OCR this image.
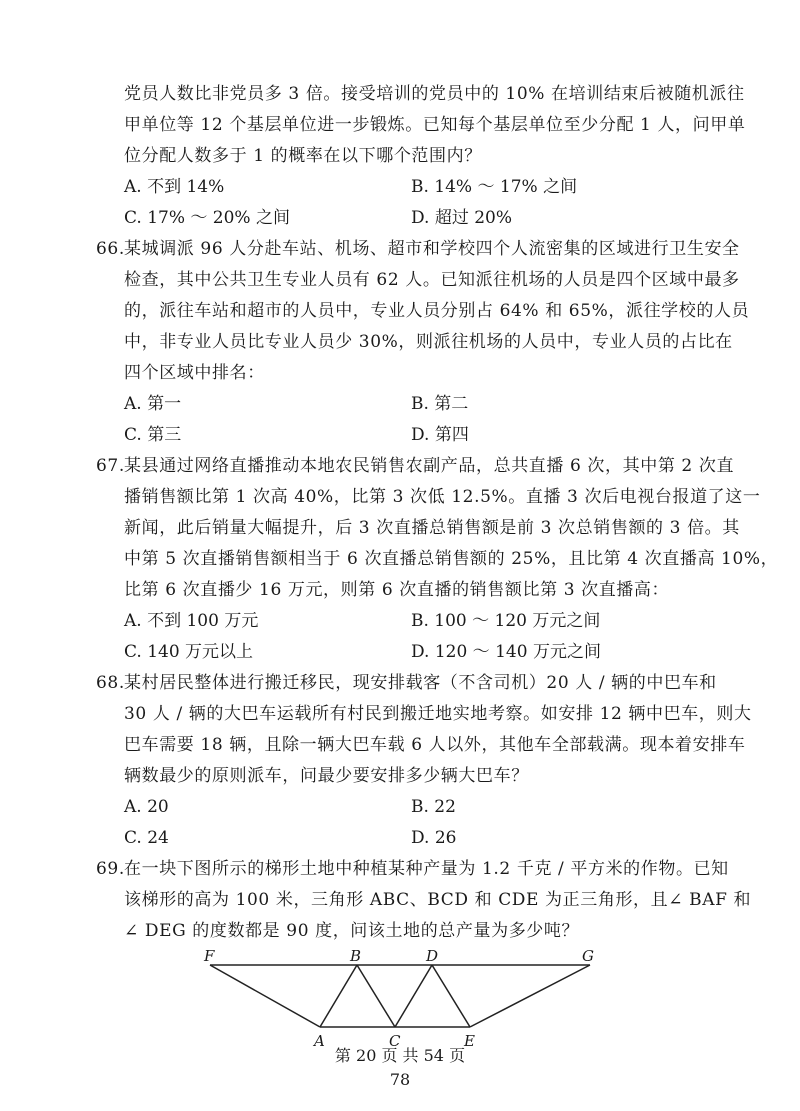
党员人数比非党员多 3 倍。接受培训的党员中的 10% 在培训结束后被随机派往
甲单位等 12 个基层单位进一步锻炼。已知每个基层单位至少分配 1 人，问甲单
位分配人数多于 1 的概率在以下哪个范围内？
A. 不到 14%	B. 14% ～ 17% 之间
C. 17% ～ 20% 之间	D. 超过 20%
66.某城调派 96 人分赴车站、机场、超市和学校四个人流密集的区域进行卫生安全
检查，其中公共卫生专业人员有 62 人。已知派往机场的人员是四个区域中最多
的，派往车站和超市的人员中，专业人员分别占 64% 和 65%，派往学校的人员
中，非专业人员比专业人员少 30%，则派往机场的人员中，专业人员的占比在
四个区域中排名：
A. 第一	B. 第二
C. 第三	D. 第四
67.某县通过网络直播推动本地农民销售农副产品，总共直播 6 次，其中第 2 次直
播销售额比第 1 次高 40%，比第 3 次低 12.5%。直播 3 次后电视台报道了这一
新闻，此后销量大幅提升，后 3 次直播总销售额是前 3 次总销售额的 3 倍。其
中第 5 次直播销售额相当于 6 次直播总销售额的 25%，且比第 4 次直播高 10%，
比第 6 次直播少 16 万元，则第 6 次直播的销售额比第 3 次直播高：
A. 不到 100 万元	B. 100 ～ 120 万元之间
C. 140 万元以上	D. 120 ～ 140 万元之间
68.某村居民整体进行搬迁移民，现安排载客（不含司机）20 人 / 辆的中巴车和
30 人 / 辆的大巴车运载所有村民到搬迁地实地考察。如安排 12 辆中巴车，则大
巴车需要 18 辆，且除一辆大巴车载 6 人以外，其他车全部载满。现本着安排车
辆数最少的原则派车，问最少要安排多少辆大巴车？
A. 20	B. 22
C. 24	D. 26
69.在一块下图所示的梯形土地中种植某种产量为 1.2 千克 / 平方米的作物。已知
该梯形的高为 100 米，三角形 ABC、BCD 和 CDE 为正三角形，且∠ BAF 和
∠ DEG 的度数都是 90 度，问该土地的总产量为多少吨？
F	B	D	G
A	C	E
第 20 页 共 54 页
78
